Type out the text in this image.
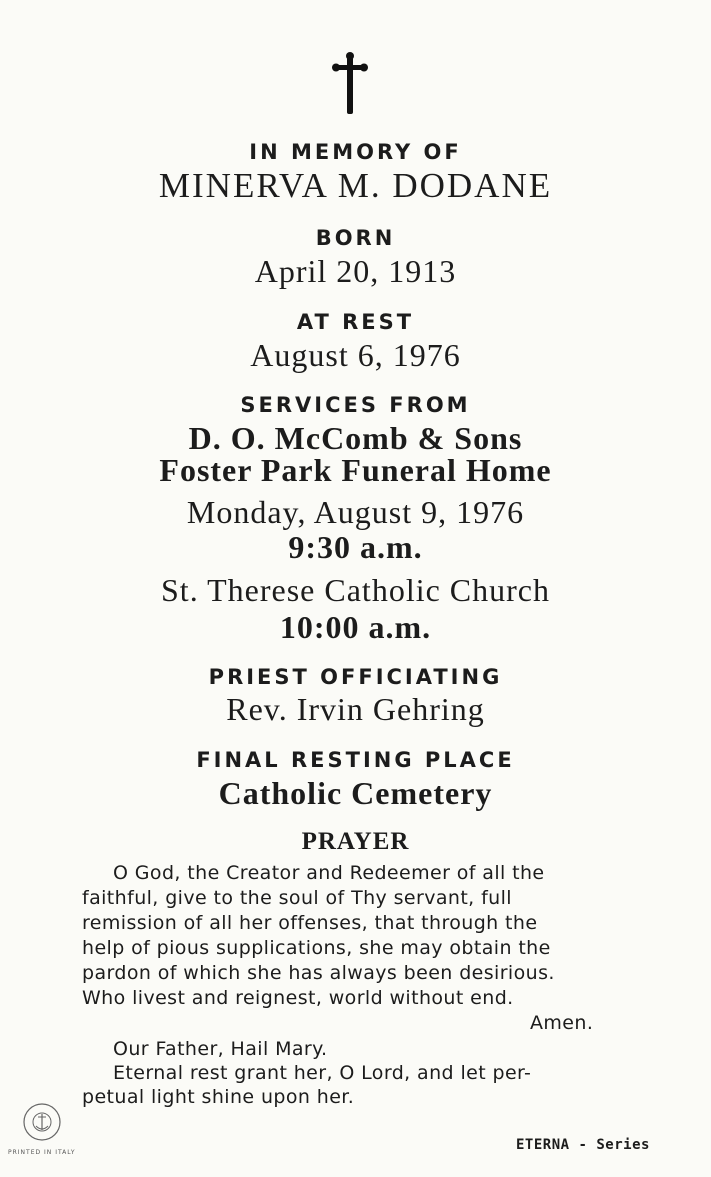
IN MEMORY OF
MINERVA M. DODANE
BORN
April 20, 1913
AT REST
August 6, 1976
SERVICES FROM
D. O. McComb & Sons
Foster Park Funeral Home
Monday, August 9, 1976
9:30 a.m.
St. Therese Catholic Church
10:00 a.m.
PRIEST OFFICIATING
Rev. Irvin Gehring
FINAL RESTING PLACE
Catholic Cemetery
PRAYER
O God, the Creator and Redeemer of all the
faithful, give to the soul of Thy servant, full
remission of all her offenses, that through the
help of pious supplications, she may obtain the
pardon of which she has always been desirious.
Who livest and reignest, world without end.
Amen.
Our Father, Hail Mary.
Eternal rest grant her, O Lord, and let per-
petual light shine upon her.
PRINTED IN ITALY	ETERNA - Series
